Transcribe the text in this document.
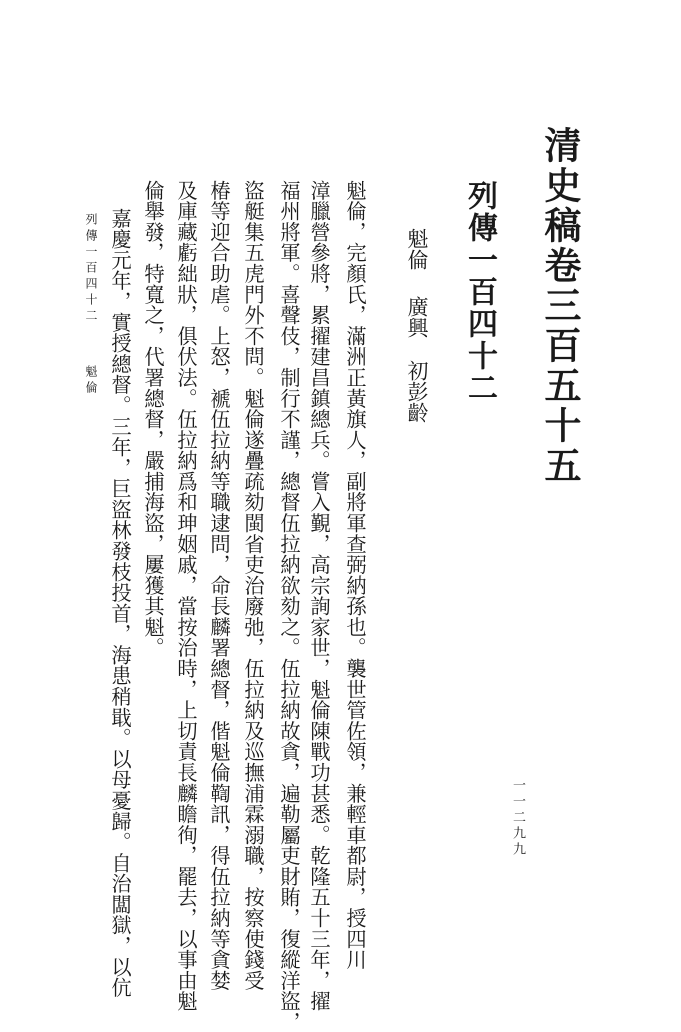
清史稿卷三百五十五
列傳一百四十二
魁倫廣興初彭齡

魁倫，完顏氏，滿洲正黃旗人，副將軍查弼納孫也。襲世管佐領，兼輕車都尉，授四川

漳臘營參將，累擢建昌鎮總兵。嘗入覲，高宗詢家世，魁倫陳戰功甚悉。乾隆五十三年，擢

福州將軍。喜聲伎，制行不謹，總督伍拉納欲劾之。伍拉納故貪，遍勒屬吏財賄，復縱洋盜，

盜艇集五虎門外不問。魁倫遂疊疏劾閩省吏治廢弛，伍拉納及巡撫浦霖溺職，按察使錢受

椿等迎合助虐。上怒，褫伍拉納等職逮問，命長麟署總督，偕魁倫鞫訊，得伍拉納等貪婪

及庫藏虧絀狀，俱伏法。伍拉納爲和珅姻戚，當按治時，上切責長麟瞻徇，罷去，以事由魁

倫舉發，特寬之，代署總督，嚴捕海盜，屢獲其魁。

嘉慶元年，實授總督。三年，巨盜林發枝投首，海患稍戢。以母憂歸。自治闆獄，以伉

列傳一百四十二魁倫
一一二九九
